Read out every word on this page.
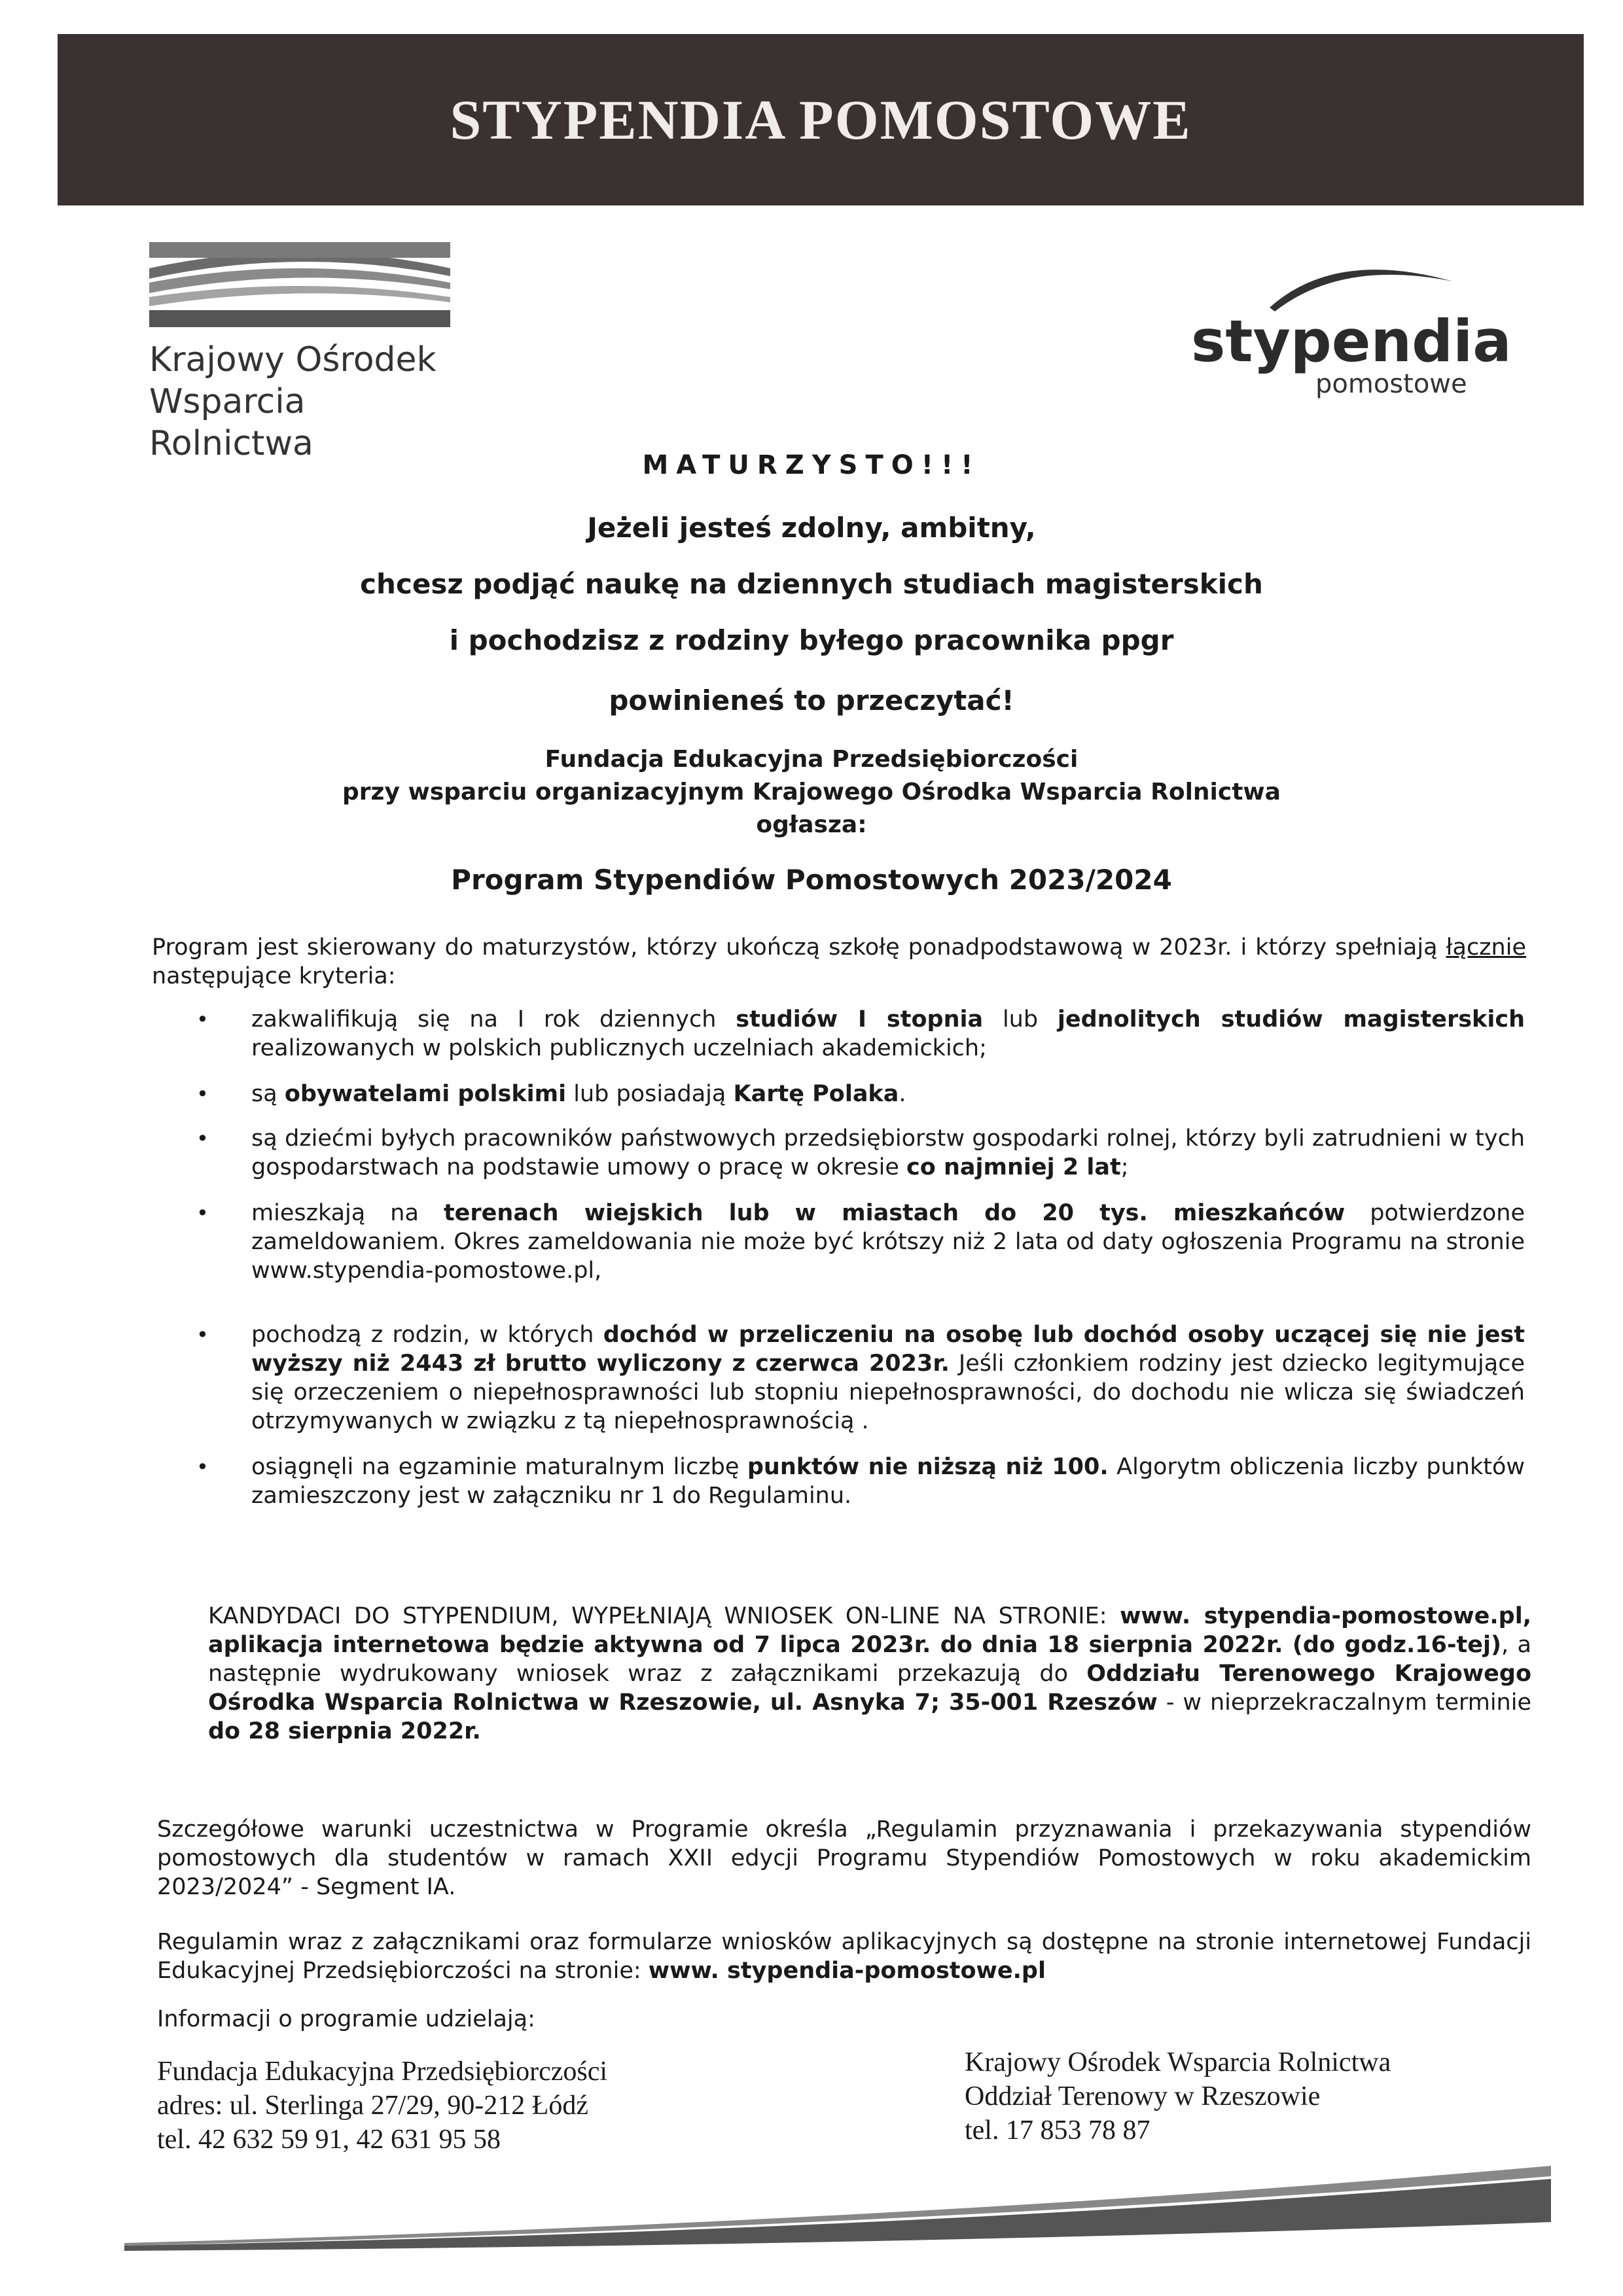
STYPENDIA POMOSTOWE
Krajowy Ośrodek
Wsparcia Rolnictwa
stypendia
pomostowe
MATURZYSTO!!!
Jeżeli jesteś zdolny, ambitny,
chcesz podjąć naukę na dziennych studiach magisterskich
i pochodzisz z rodziny byłego pracownika ppgr
powinieneś to przeczytać!
Fundacja Edukacyjna Przedsiębiorczości
przy wsparciu organizacyjnym Krajowego Ośrodka Wsparcia Rolnictwa
ogłasza:
Program Stypendiów Pomostowych 2023/2024
Program jest skierowany do maturzystów, którzy ukończą szkołę ponadpodstawową w 2023r. i którzy spełniają łącznie następujące kryteria:
• zakwalifikują się na I rok dziennych studiów I stopnia lub jednolitych studiów magisterskich realizowanych w polskich publicznych uczelniach akademickich;
• są obywatelami polskimi lub posiadają Kartę Polaka.
• są dziećmi byłych pracowników państwowych przedsiębiorstw gospodarki rolnej, którzy byli zatrudnieni w tych gospodarstwach na podstawie umowy o pracę w okresie co najmniej 2 lat;
• mieszkają na terenach wiejskich lub w miastach do 20 tys. mieszkańców potwierdzone zameldowaniem. Okres zameldowania nie może być krótszy niż 2 lata od daty ogłoszenia Programu na stronie www.stypendia-pomostowe.pl,
• pochodzą z rodzin, w których dochód w przeliczeniu na osobę lub dochód osoby uczącej się nie jest wyższy niż 2443 zł brutto wyliczony z czerwca 2023r. Jeśli członkiem rodziny jest dziecko legitymujące się orzeczeniem o niepełnosprawności lub stopniu niepełnosprawności, do dochodu nie wlicza się świadczeń otrzymywanych w związku z tą niepełnosprawnością .
• osiągnęli na egzaminie maturalnym liczbę punktów nie niższą niż 100. Algorytm obliczenia liczby punktów zamieszczony jest w załączniku nr 1 do Regulaminu.
KANDYDACI DO STYPENDIUM, WYPEŁNIAJĄ WNIOSEK ON-LINE NA STRONIE: www. stypendia-pomostowe.pl, aplikacja internetowa będzie aktywna od 7 lipca 2023r. do dnia 18 sierpnia 2022r. (do godz.16-tej), a następnie wydrukowany wniosek wraz z załącznikami przekazują do Oddziału Terenowego Krajowego Ośrodka Wsparcia Rolnictwa w Rzeszowie, ul. Asnyka 7; 35-001 Rzeszów - w nieprzekraczalnym terminie do 28 sierpnia 2022r.
Szczegółowe warunki uczestnictwa w Programie określa „Regulamin przyznawania i przekazywania stypendiów pomostowych dla studentów w ramach XXII edycji Programu Stypendiów Pomostowych w roku akademickim 2023/2024” - Segment IA.
Regulamin wraz z załącznikami oraz formularze wniosków aplikacyjnych są dostępne na stronie internetowej Fundacji Edukacyjnej Przedsiębiorczości na stronie: www. stypendia-pomostowe.pl
Informacji o programie udzielają:
Fundacja Edukacyjna Przedsiębiorczości
adres: ul. Sterlinga 27/29, 90-212 Łódź
tel. 42 632 59 91, 42 631 95 58
Krajowy Ośrodek Wsparcia Rolnictwa
Oddział Terenowy w Rzeszowie
tel. 17 853 78 87
